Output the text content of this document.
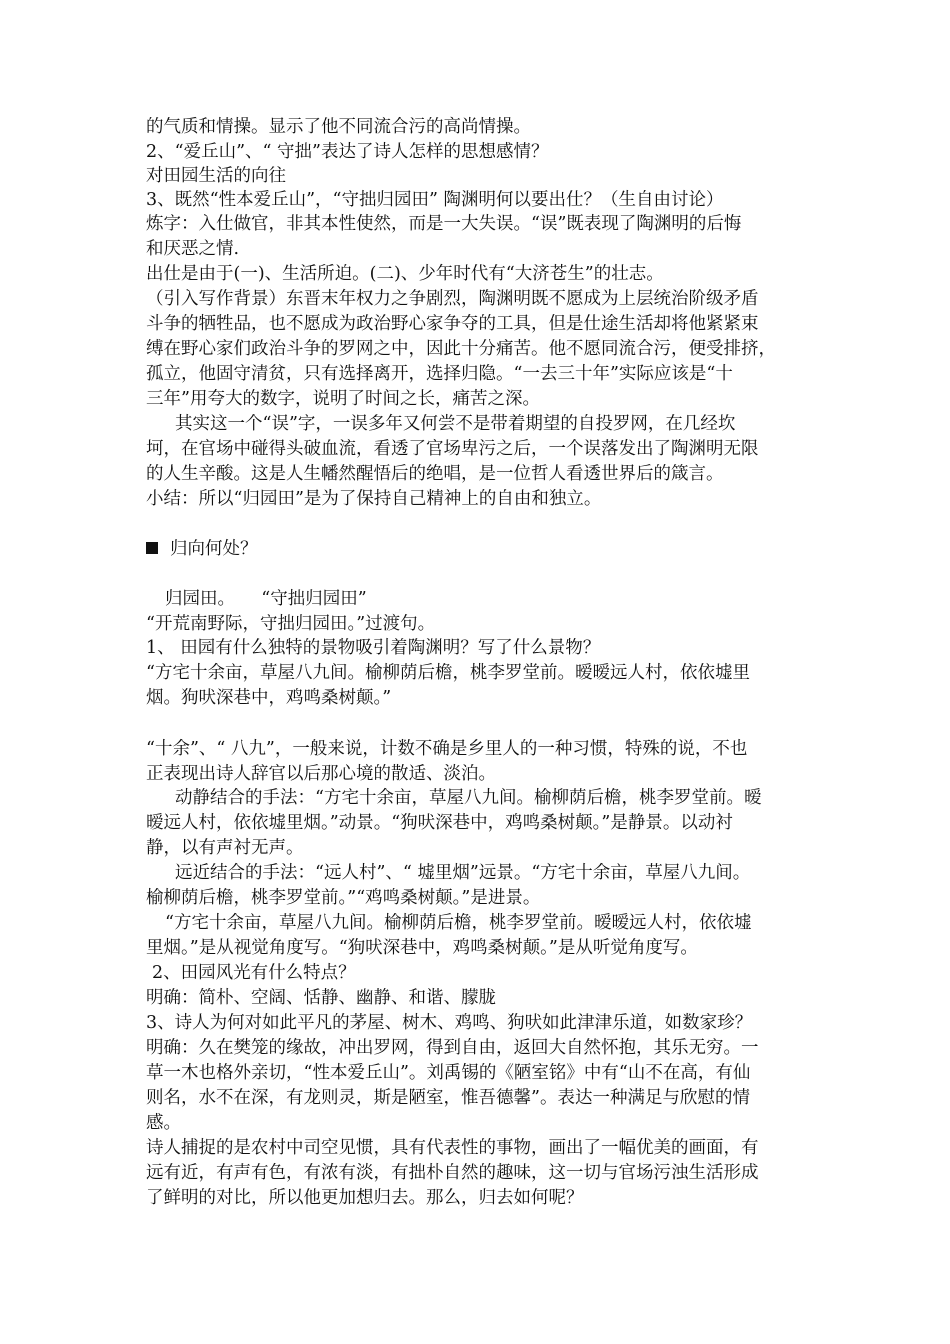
的气质和情操。显示了他不同流合污的高尚情操。
2、“爱丘山”、“ 守拙”表达了诗人怎样的思想感情？
对田园生活的向往
3、既然“性本爱丘山”，“守拙归园田” 陶渊明何以要出仕？（生自由讨论）
炼字：入仕做官，非其本性使然，而是一大失误。“误”既表现了陶渊明的后悔
和厌恶之情.
出仕是由于(一)、生活所迫。(二)、少年时代有“大济苍生”的壮志。
（引入写作背景）东晋末年权力之争剧烈，陶渊明既不愿成为上层统治阶级矛盾
斗争的牺牲品，也不愿成为政治野心家争夺的工具，但是仕途生活却将他紧紧束
缚在野心家们政治斗争的罗网之中，因此十分痛苦。他不愿同流合污，便受排挤，
孤立，他固守清贫，只有选择离开，选择归隐。“一去三十年”实际应该是“十
三年”用夸大的数字，说明了时间之长，痛苦之深。
其实这一个“误”字，一误多年又何尝不是带着期望的自投罗网，在几经坎
坷，在官场中碰得头破血流，看透了官场卑污之后，一个误落发出了陶渊明无限
的人生辛酸。这是人生幡然醒悟后的绝唱，是一位哲人看透世界后的箴言。
小结：所以“归园田”是为了保持自己精神上的自由和独立。
归向何处？
归园田。　　“守拙归园田”
“开荒南野际，守拙归园田。”过渡句。
1、 田园有什么独特的景物吸引着陶渊明？写了什么景物？
“方宅十余亩，草屋八九间。榆柳荫后檐，桃李罗堂前。暧暧远人村，依依墟里
烟。狗吠深巷中，鸡鸣桑树颠。”
“十余”、“ 八九”，一般来说，计数不确是乡里人的一种习惯，特殊的说，不也
正表现出诗人辞官以后那心境的散适、淡泊。
动静结合的手法：“方宅十余亩，草屋八九间。榆柳荫后檐，桃李罗堂前。暧
暧远人村，依依墟里烟。”动景。“狗吠深巷中，鸡鸣桑树颠。”是静景。以动衬
静，以有声衬无声。
远近结合的手法：“远人村”、“ 墟里烟”远景。“方宅十余亩，草屋八九间。
榆柳荫后檐，桃李罗堂前。”“鸡鸣桑树颠。”是进景。
“方宅十余亩，草屋八九间。榆柳荫后檐，桃李罗堂前。暧暧远人村，依依墟
里烟。”是从视觉角度写。“狗吠深巷中，鸡鸣桑树颠。”是从听觉角度写。
2、田园风光有什么特点？
明确：简朴、空阔、恬静、幽静、和谐、朦胧
3、诗人为何对如此平凡的茅屋、树木、鸡鸣、狗吠如此津津乐道，如数家珍？
明确：久在樊笼的缘故，冲出罗网，得到自由，返回大自然怀抱，其乐无穷。一
草一木也格外亲切，“性本爱丘山”。刘禹锡的《陋室铭》中有“山不在高，有仙
则名，水不在深，有龙则灵，斯是陋室，惟吾德馨”。表达一种满足与欣慰的情
感。
诗人捕捉的是农村中司空见惯，具有代表性的事物，画出了一幅优美的画面，有
远有近，有声有色，有浓有淡，有拙朴自然的趣味，这一切与官场污浊生活形成
了鲜明的对比，所以他更加想归去。那么，归去如何呢？
